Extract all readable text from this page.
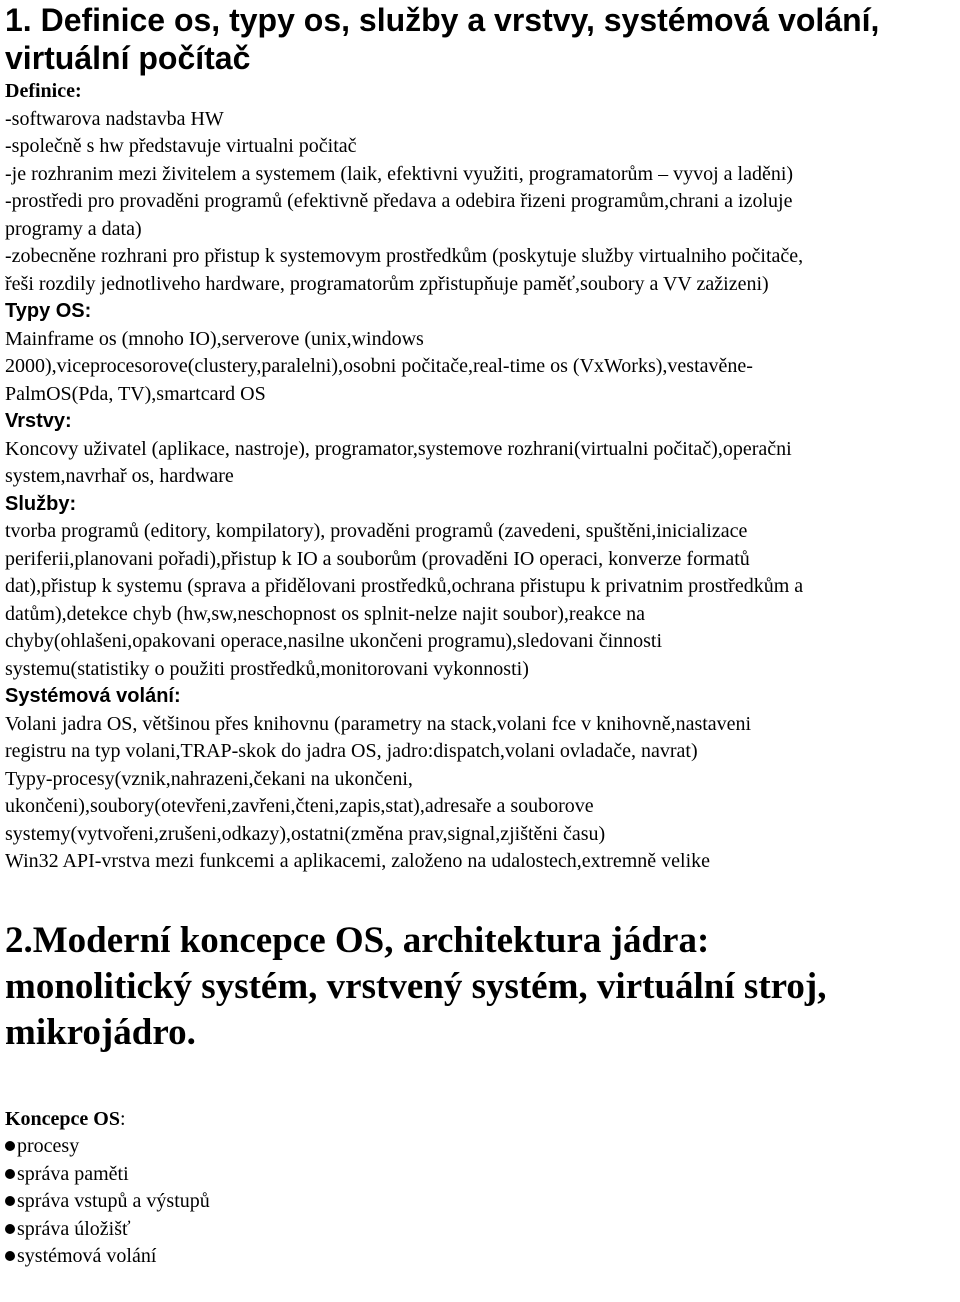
1. Definice os, typy os, služby a vrstvy, systémová volání,
virtuální počítač
Definice:
-softwarova nadstavba HW
-společně s hw představuje virtualni počitač
-je rozhranim mezi živitelem a systemem (laik, efektivni využiti, programatorům – vyvoj a laděni)
-prostředi pro provaděni programů (efektivně předava a odebira řizeni programům,chrani a izoluje
programy a data)
-zobecněne rozhrani pro přistup k systemovym prostředkům (poskytuje služby virtualniho počitače,
řeši rozdily jednotliveho hardware, programatorům zpřistupňuje paměť,soubory a VV zažizeni)
Typy OS:
Mainframe os (mnoho IO),serverove (unix,windows
2000),viceprocesorove(clustery,paralelni),osobni počitače,real-time os (VxWorks),vestavěne-
PalmOS(Pda, TV),smartcard OS
Vrstvy:
Koncovy uživatel (aplikace, nastroje), programator,systemove rozhrani(virtualni počitač),operačni
system,navrhař os, hardware
Služby:
tvorba programů (editory, kompilatory), provaděni programů (zavedeni, spuštěni,inicializace
periferii,planovani pořadi),přistup k IO a souborům (provaděni IO operaci, konverze formatů
dat),přistup k systemu (sprava a přidělovani prostředků,ochrana přistupu k privatnim prostředkům a
datům),detekce chyb (hw,sw,neschopnost os splnit-nelze najit soubor),reakce na
chyby(ohlašeni,opakovani operace,nasilne ukončeni programu),sledovani činnosti
systemu(statistiky o použiti prostředků,monitorovani vykonnosti)
Systémová volání:
Volani jadra OS, většinou přes knihovnu (parametry na stack,volani fce v knihovně,nastaveni
registru na typ volani,TRAP-skok do jadra OS, jadro:dispatch,volani ovladače, navrat)
Typy-procesy(vznik,nahrazeni,čekani na ukončeni,
ukončeni),soubory(otevřeni,zavřeni,čteni,zapis,stat),adresaře a souborove
systemy(vytvořeni,zrušeni,odkazy),ostatni(změna prav,signal,zjištěni času)
Win32 API-vrstva mezi funkcemi a aplikacemi, založeno na udalostech,extremně velike
2.Moderní koncepce OS, architektura jádra:
monolitický systém, vrstvený systém, virtuální stroj,
mikrojádro.
Koncepce OS:
procesy
správa paměti
správa vstupů a výstupů
správa úložišť
systémová volání
